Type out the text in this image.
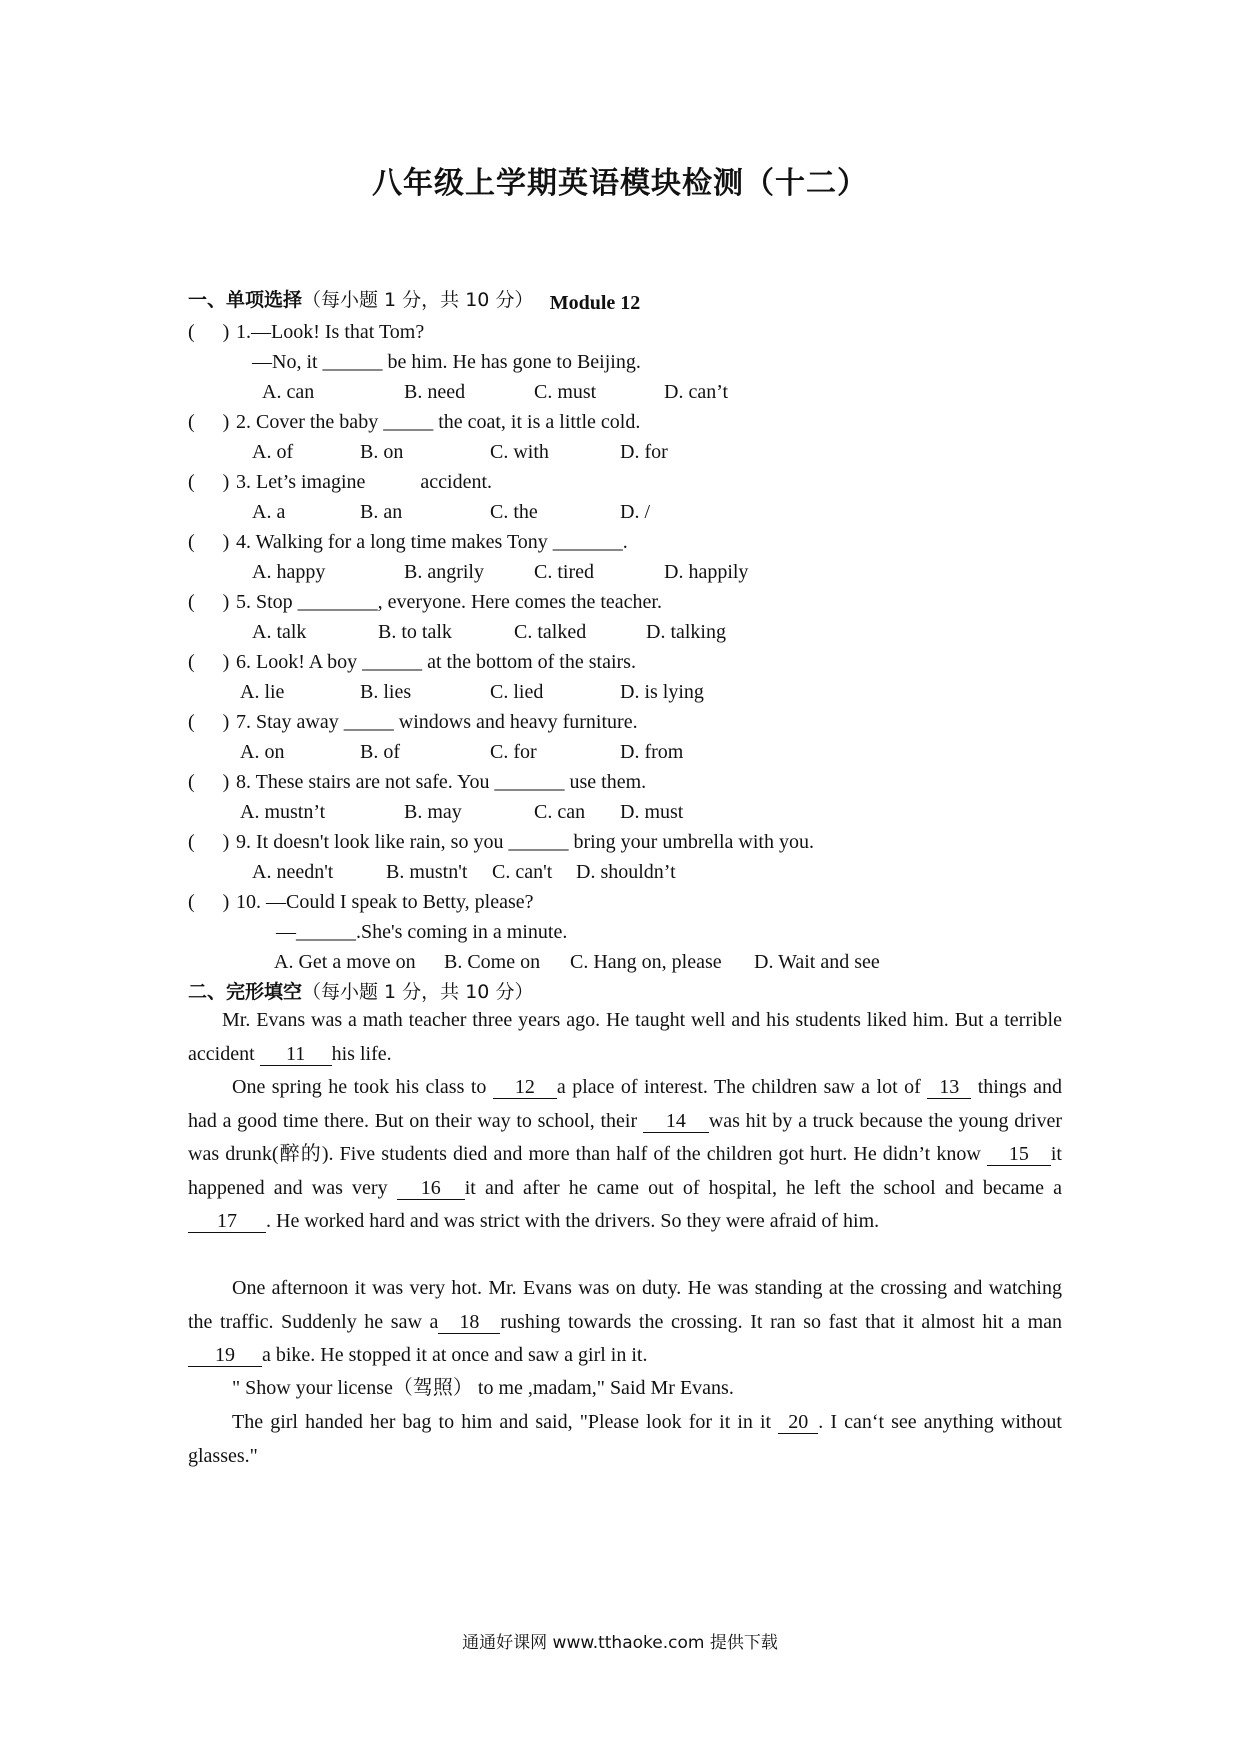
八年级上学期英语模块检测（十二）
Module 12
一、单项选择（每小题 1 分，共 10 分）
( ) 1.—Look! Is that Tom?
—No, it ______ be him. He has gone to Beijing.
A. can	B. need	C. must	D. can’t
( ) 2. Cover the baby _____ the coat, it is a little cold.
A. of	B. on	C. with	D. for
( ) 3. Let’s imagine           accident.
A. a	B. an	C. the	D. /
( ) 4. Walking for a long time makes Tony _______.
A. happy	B. angrily	C. tired	D. happily
( ) 5. Stop ________, everyone. Here comes the teacher.
A. talk	B. to talk	C. talked	D. talking
( ) 6. Look! A boy ______ at the bottom of the stairs.
A. lie	B. lies	C. lied	D. is lying
( ) 7. Stay away _____ windows and heavy furniture.
A. on	B. of	C. for	D. from
( ) 8. These stairs are not safe. You _______ use them.
A. mustn’t	B. may	C. can D. must
( ) 9. It doesn't look like rain, so you ______ bring your umbrella with you.
A. needn't	B. mustn't C. can't D. shouldn’t
( ) 10. —Could I speak to Betty, please?
—______.She's coming in a minute.
A. Get a move on B. Come on C. Hang on, please D. Wait and see
二、完形填空（每小题 1 分，共 10 分）
Mr. Evans was a math teacher three years ago. He taught well and his students liked him. But a terrible accident 11 his life.
One spring he took his class to 12 a place of interest. The children saw a lot of 13 things and had a good time there. But on their way to school, their 14 was hit by a truck because the young driver was drunk(醉的). Five students died and more than half of the children got hurt. He didn’t know 15 it happened and was very 16 it and after he came out of hospital, he left the school and became a 17 . He worked hard and was strict with the drivers. So they were afraid of him.
One afternoon it was very hot. Mr. Evans was on duty. He was standing at the crossing and watching the traffic. Suddenly he saw a 18 rushing towards the crossing. It ran so fast that it almost hit a man19 a bike. He stopped it at once and saw a girl in it.
" Show your license（驾照） to me ,madam," Said Mr Evans.
The girl handed her bag to him and said, "Please look for it in it 20 . I can‘t see anything without glasses."
通通好课网 www.tthaoke.com 提供下载
